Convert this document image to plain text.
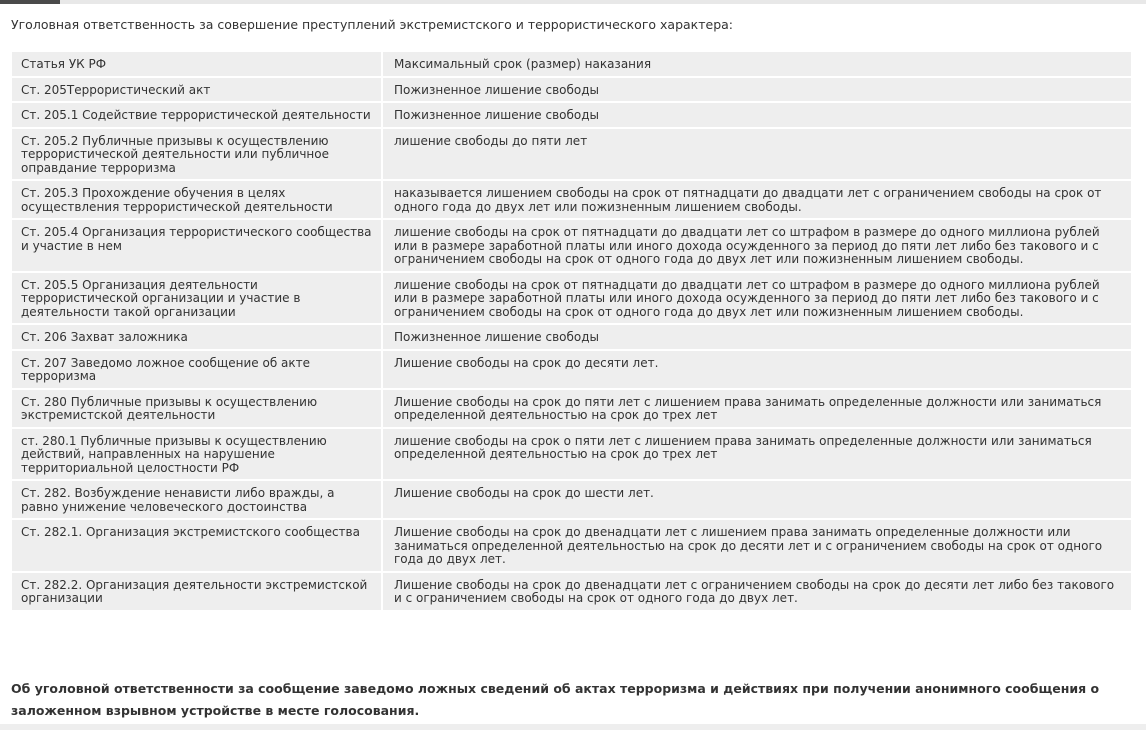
Уголовная ответственность за совершение преступлений экстремистского и террористического характера:

Статья УК РФ	Максимальный срок (размер) наказания
Ст. 205Террористический акт	Пожизненное лишение свободы
Ст. 205.1 Содействие террористической деятельности	Пожизненное лишение свободы
Ст. 205.2 Публичные призывы к осуществлению террористической деятельности или публичное оправдание терроризма	лишение свободы до пяти лет
Ст. 205.3 Прохождение обучения в целях осуществления террористической деятельности	наказывается лишением свободы на срок от пятнадцати до двадцати лет с ограничением свободы на срок от одного года до двух лет или пожизненным лишением свободы.
Ст. 205.4 Организация террористического сообщества и участие в нем	лишение свободы на срок от пятнадцати до двадцати лет со штрафом в размере до одного миллиона рублей или в размере заработной платы или иного дохода осужденного за период до пяти лет либо без такового и с ограничением свободы на срок от одного года до двух лет или пожизненным лишением свободы.
Ст. 205.5 Организация деятельности террористической организации и участие в деятельности такой организации	лишение свободы на срок от пятнадцати до двадцати лет со штрафом в размере до одного миллиона рублей или в размере заработной платы или иного дохода осужденного за период до пяти лет либо без такового и с ограничением свободы на срок от одного года до двух лет или пожизненным лишением свободы.
Ст. 206 Захват заложника	Пожизненное лишение свободы
Ст. 207 Заведомо ложное сообщение об акте терроризма	Лишение свободы на срок до десяти лет.
Ст. 280 Публичные призывы к осуществлению экстремистской деятельности	Лишение свободы на срок до пяти лет с лишением права занимать определенные должности или заниматься определенной деятельностью на срок до трех лет
ст. 280.1 Публичные призывы к осуществлению действий, направленных на нарушение территориальной целостности РФ	лишение свободы на срок о пяти лет с лишением права занимать определенные должности или заниматься определенной деятельностью на срок до трех лет
Ст. 282. Возбуждение ненависти либо вражды, а равно унижение человеческого достоинства	Лишение свободы на срок до шести лет.
Ст. 282.1. Организация экстремистского сообщества	Лишение свободы на срок до двенадцати лет с лишением права занимать определенные должности или заниматься определенной деятельностью на срок до десяти лет и с ограничением свободы на срок от одного года до двух лет.
Ст. 282.2. Организация деятельности экстремистской организации	Лишение свободы на срок до двенадцати лет с ограничением свободы на срок до десяти лет либо без такового и с ограничением свободы на срок от одного года до двух лет.

Об уголовной ответственности за сообщение заведомо ложных сведений об актах терроризма и действиях при получении анонимного сообщения о заложенном взрывном устройстве в месте голосования.
